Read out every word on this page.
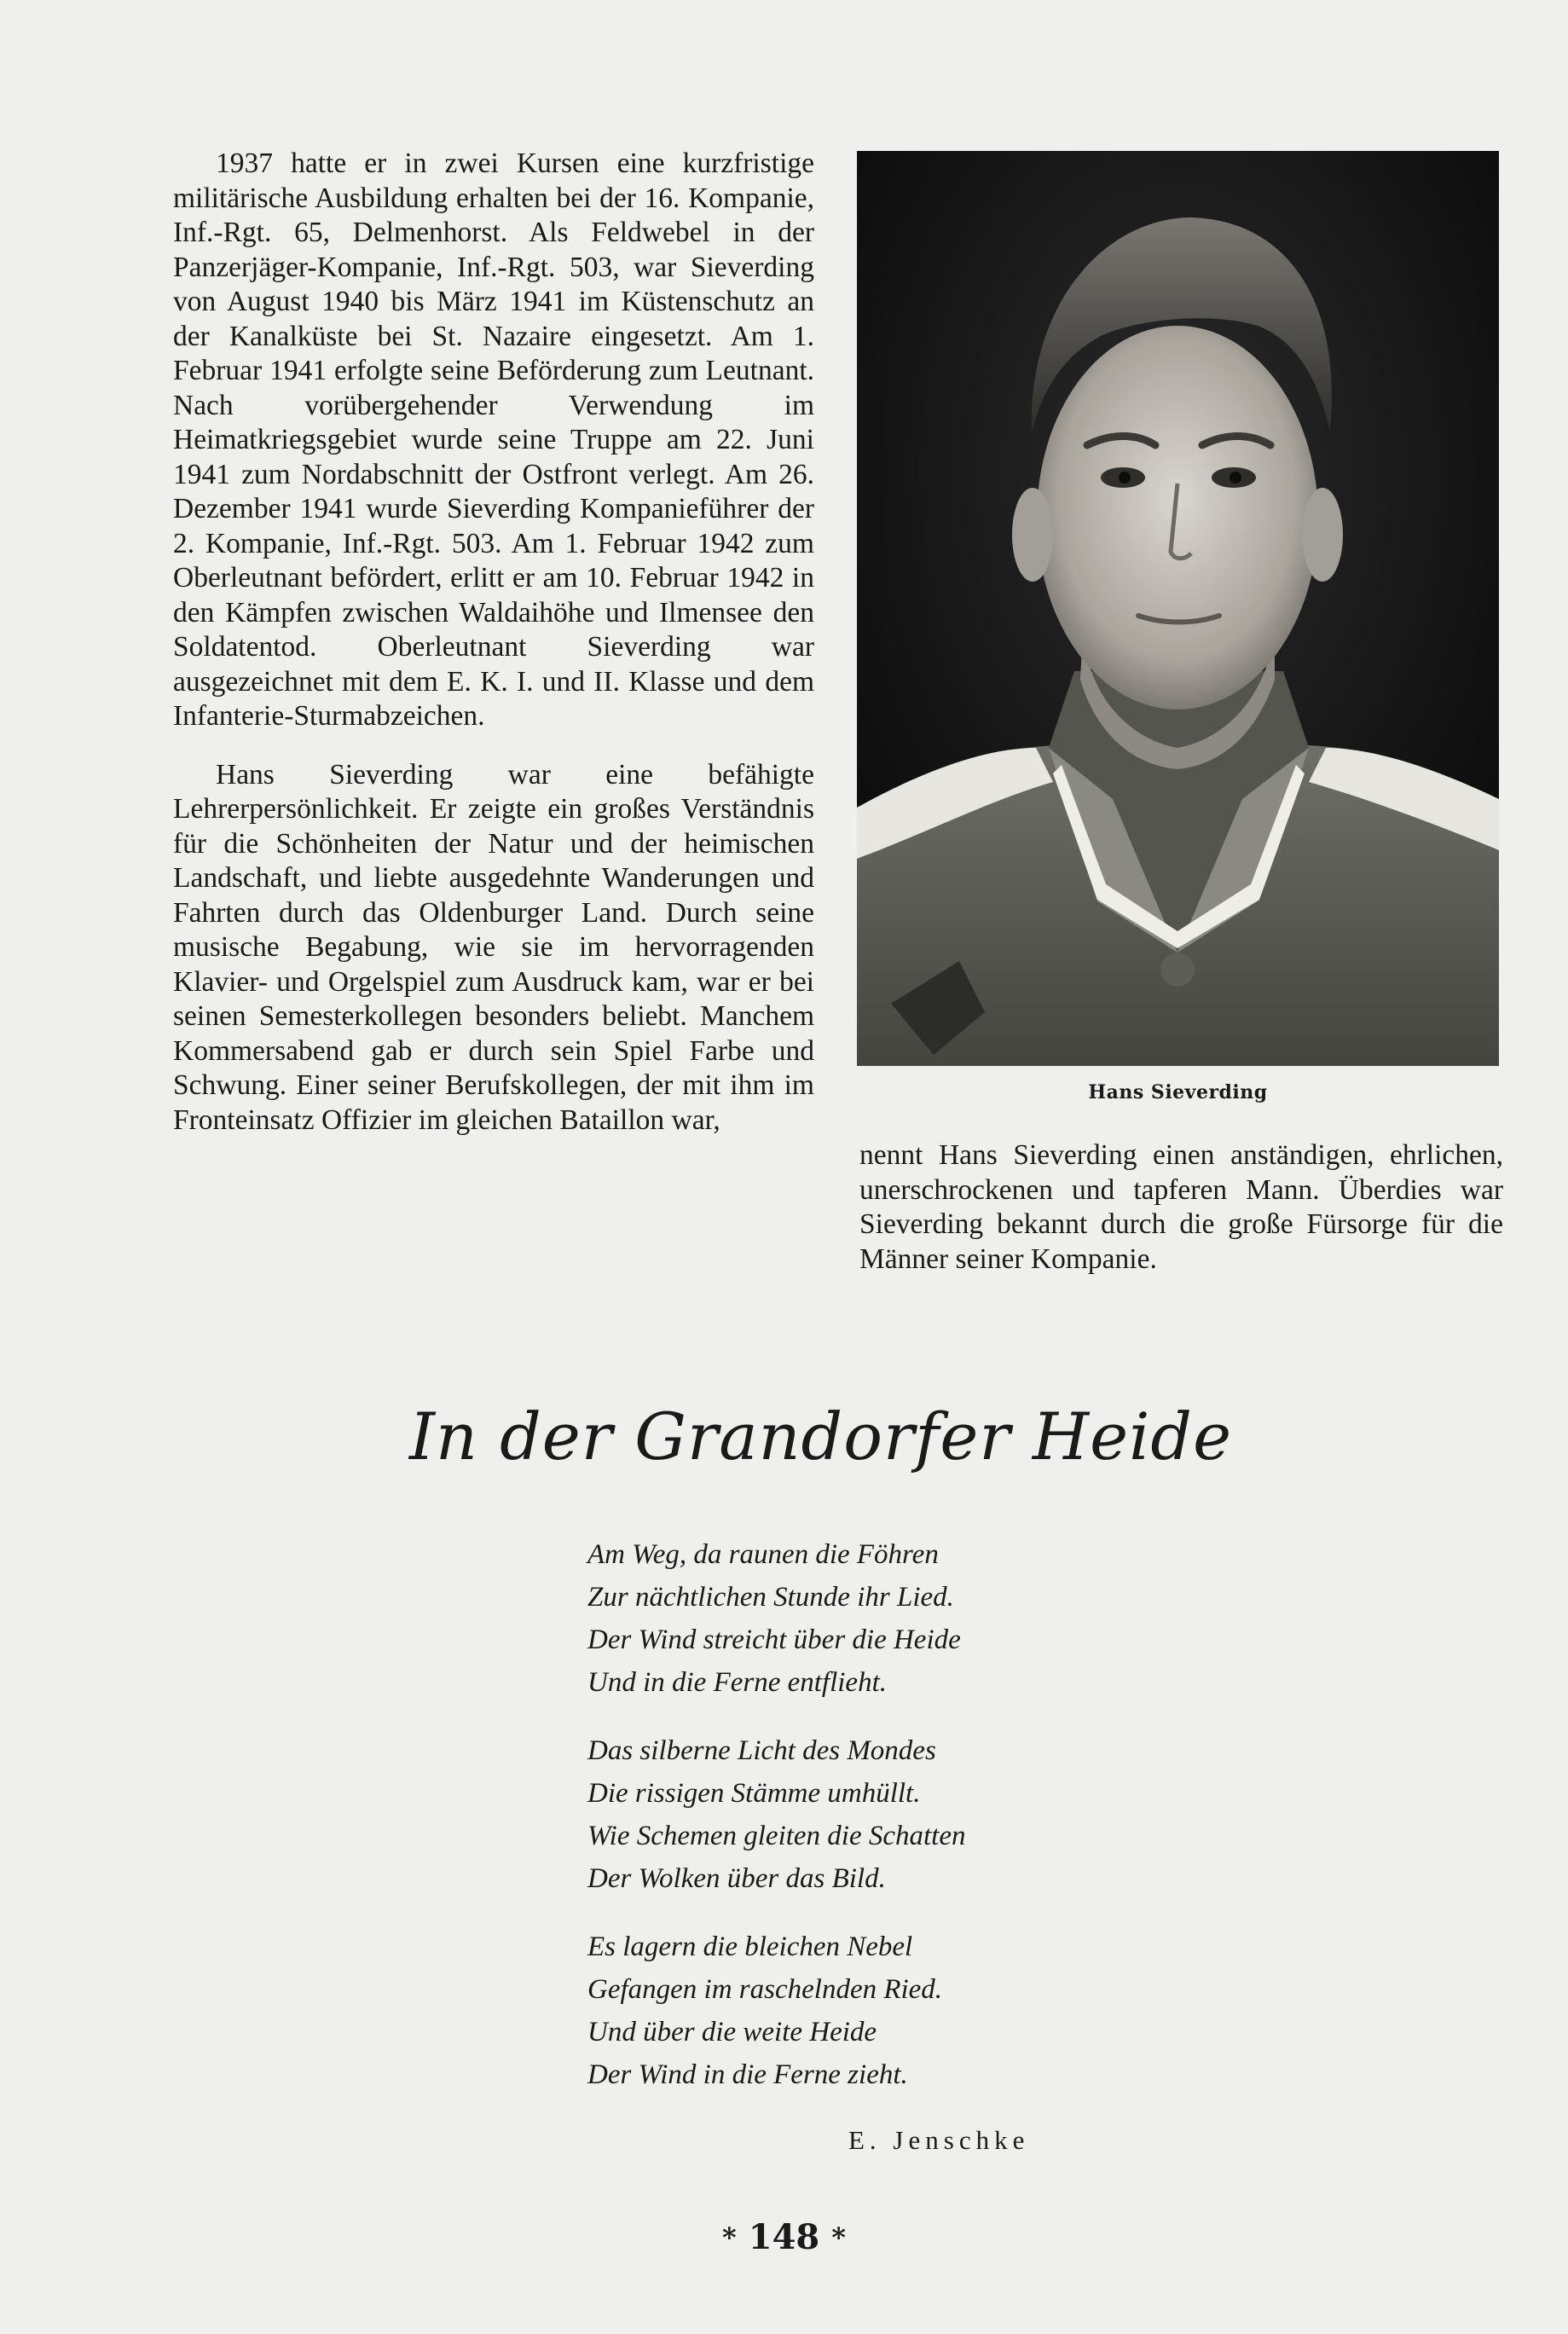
1937 hatte er in zwei Kursen eine kurzfristige militärische Ausbildung erhalten bei der 16. Kompanie, Inf.-Rgt. 65, Delmenhorst. Als Feldwebel in der Panzerjäger-Kompanie, Inf.-Rgt. 503, war Sieverding von August 1940 bis März 1941 im Küstenschutz an der Kanalküste bei St. Nazaire eingesetzt. Am 1. Februar 1941 erfolgte seine Beförderung zum Leutnant. Nach vorübergehender Verwendung im Heimatkriegsgebiet wurde seine Truppe am 22. Juni 1941 zum Nordabschnitt der Ostfront verlegt. Am 26. Dezember 1941 wurde Sieverding Kompanieführer der 2. Kompanie, Inf.-Rgt. 503. Am 1. Februar 1942 zum Oberleutnant befördert, erlitt er am 10. Februar 1942 in den Kämpfen zwischen Waldaihöhe und Ilmensee den Soldatentod. Oberleutnant Sieverding war ausgezeichnet mit dem E. K. I. und II. Klasse und dem Infanterie-Sturmabzeichen.

Hans Sieverding war eine befähigte Lehrerpersönlichkeit. Er zeigte ein großes Verständnis für die Schönheiten der Natur und der heimischen Landschaft, und liebte ausgedehnte Wanderungen und Fahrten durch das Oldenburger Land. Durch seine musische Begabung, wie sie im hervorragenden Klavier- und Orgelspiel zum Ausdruck kam, war er bei seinen Semesterkollegen besonders beliebt. Manchem Kommersabend gab er durch sein Spiel Farbe und Schwung. Einer seiner Berufskollegen, der mit ihm im Fronteinsatz Offizier im gleichen Bataillon war,

Hans Sieverding

nennt Hans Sieverding einen anständigen, ehrlichen, unerschrockenen und tapferen Mann. Überdies war Sieverding bekannt durch die große Fürsorge für die Männer seiner Kompanie.

In der Grandorfer Heide

Am Weg, da raunen die Föhren
Zur nächtlichen Stunde ihr Lied.
Der Wind streicht über die Heide
Und in die Ferne entflieht.

Das silberne Licht des Mondes
Die rissigen Stämme umhüllt.
Wie Schemen gleiten die Schatten
Der Wolken über das Bild.

Es lagern die bleichen Nebel
Gefangen im raschelnden Ried.
Und über die weite Heide
Der Wind in die Ferne zieht.

E. Jenschke
* 148 *
